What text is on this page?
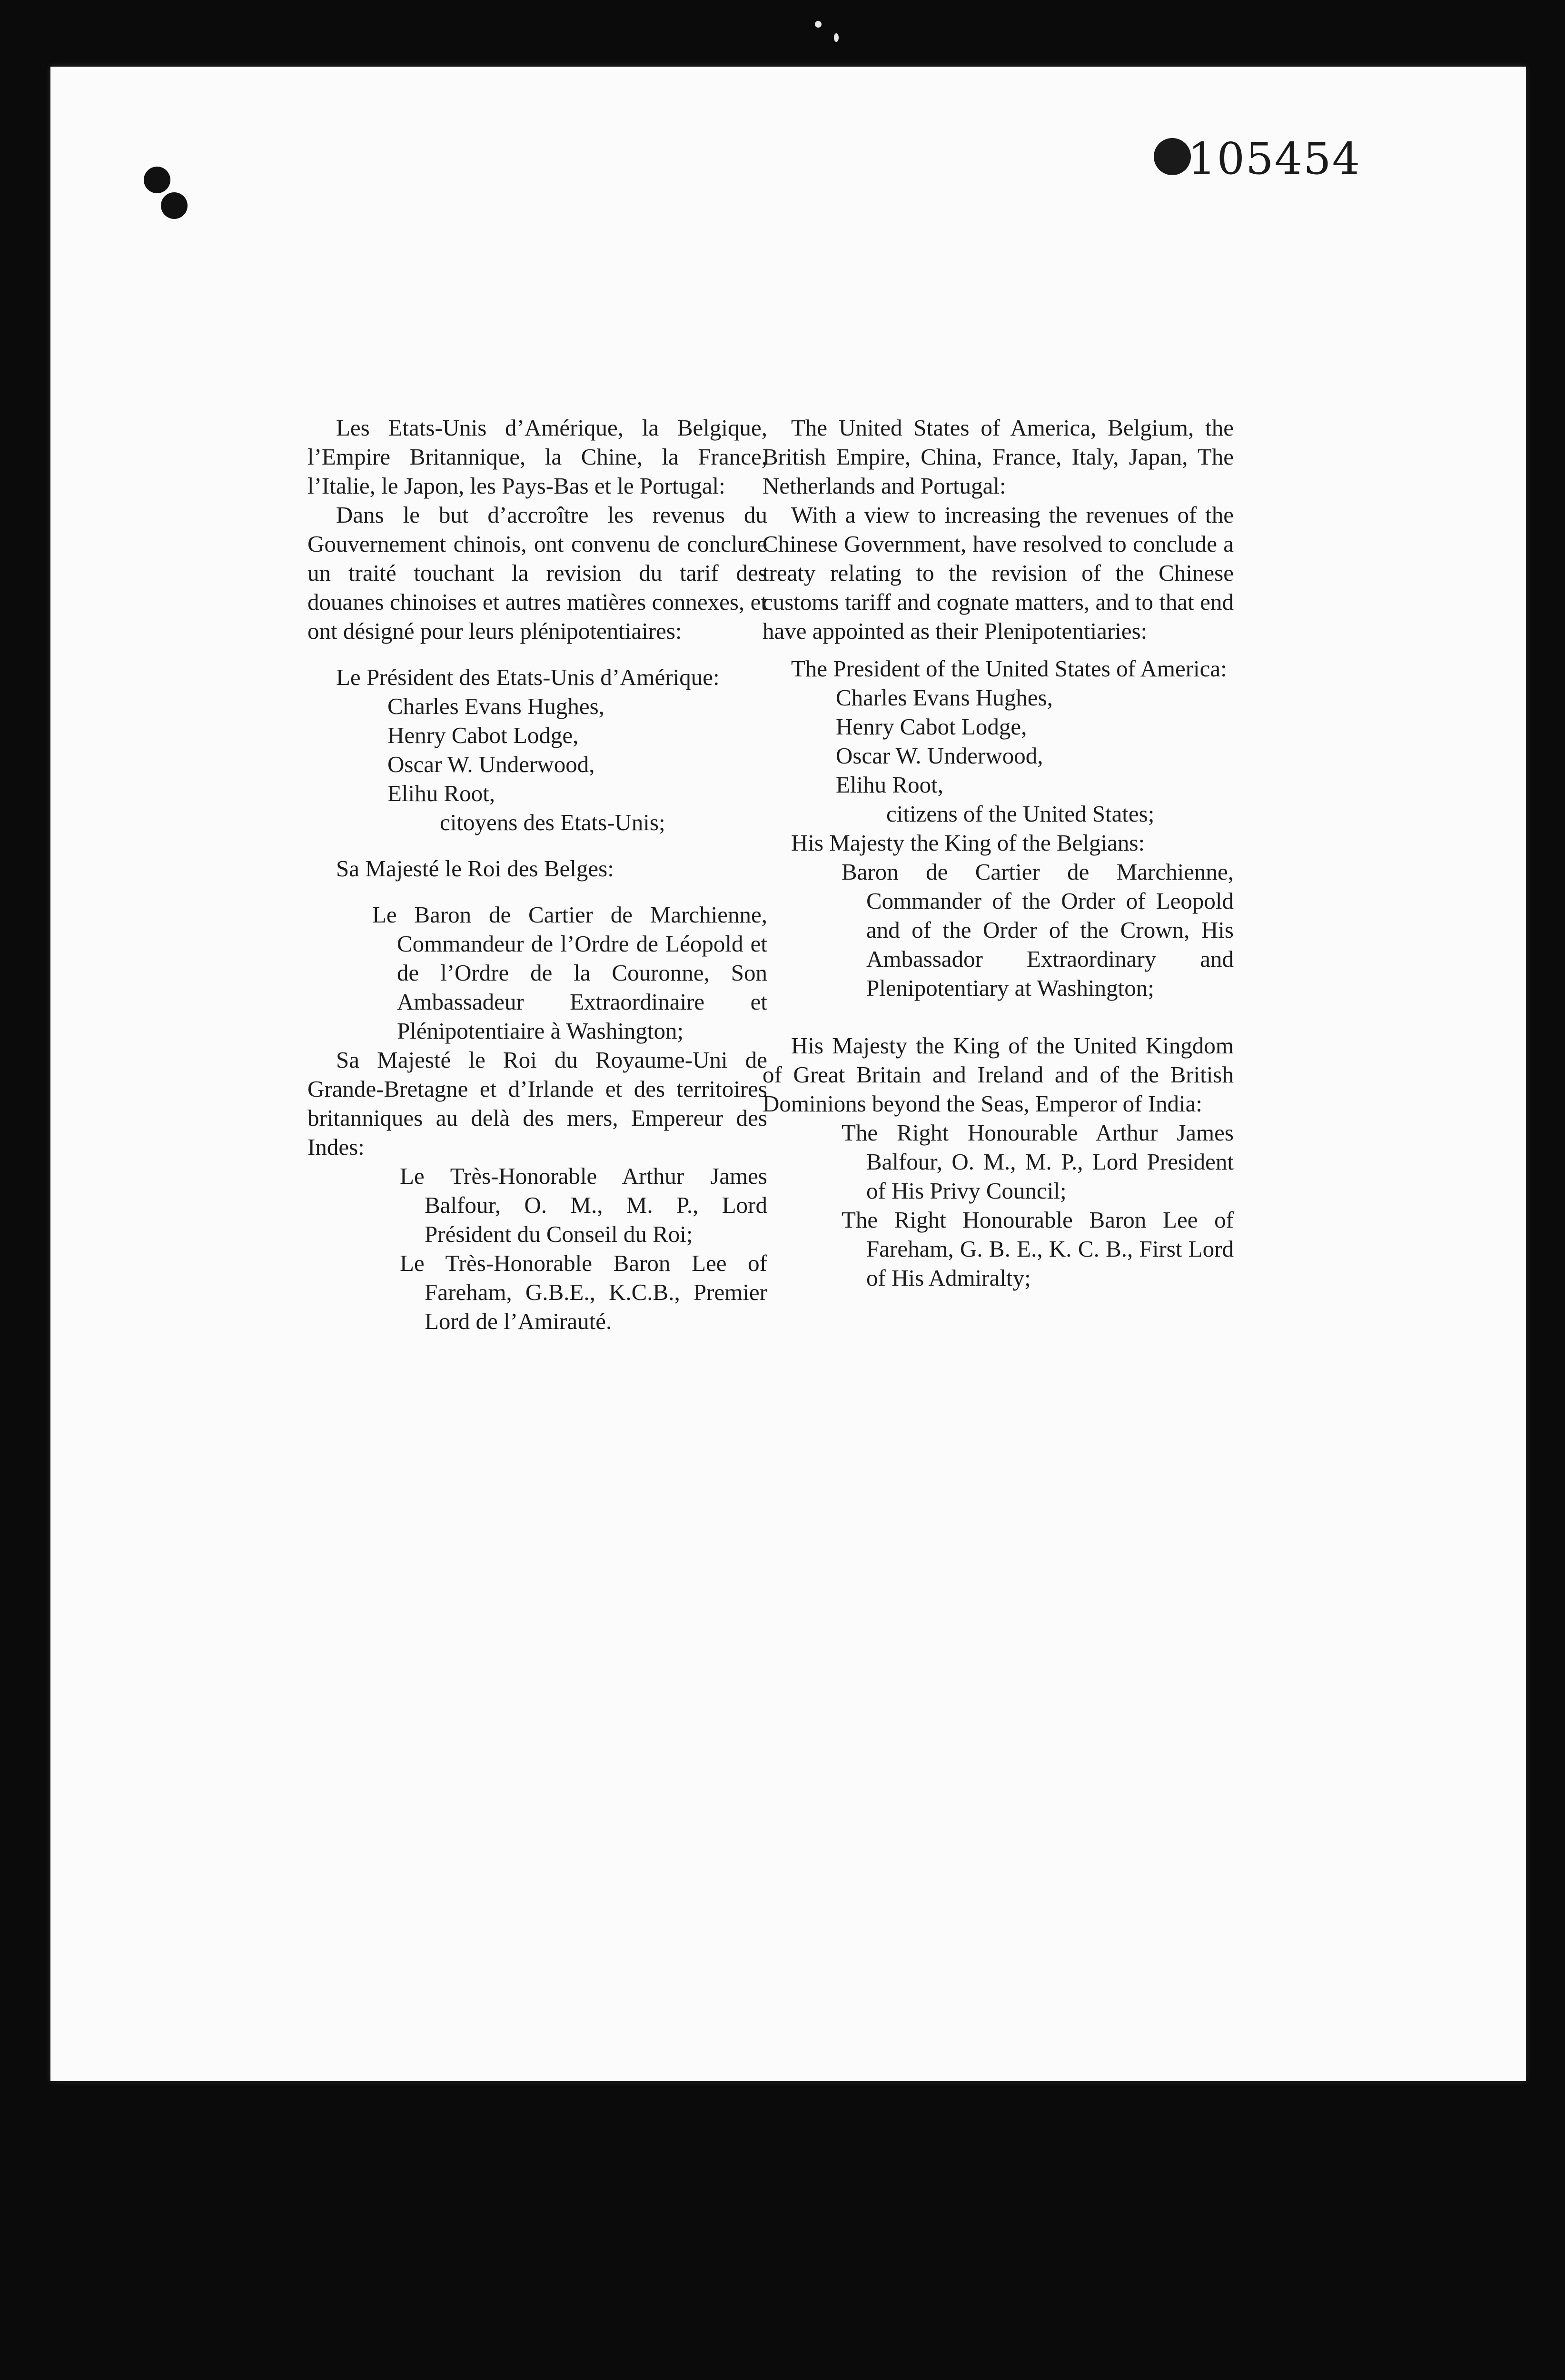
105454

Les Etats-Unis d’Amérique, la Belgique, l’Empire Britannique, la Chine, la France, l’Italie, le Japon, les Pays-Bas et le Portugal:

Dans le but d’accroître les revenus du Gouvernement chinois, ont convenu de conclure un traité touchant la revision du tarif des douanes chinoises et autres matières connexes, et ont désigné pour leurs plénipotentiaires:

Le Président des Etats-Unis d’Amérique:

Charles Evans Hughes,
Henry Cabot Lodge,
Oscar W. Underwood,
Elihu Root,
citoyens des Etats-Unis;

Sa Majesté le Roi des Belges:

Le Baron de Cartier de Marchienne, Commandeur de l’Ordre de Léopold et de l’Ordre de la Couronne, Son Ambassadeur Extraordinaire et Plénipotentiaire à Washington;

Sa Majesté le Roi du Royaume-Uni de Grande-Bretagne et d’Irlande et des territoires britanniques au delà des mers, Empereur des Indes:

Le Très-Honorable Arthur James Balfour, O. M., M. P., Lord Président du Conseil du Roi;

Le Très-Honorable Baron Lee of Fareham, G.B.E., K.C.B., Premier Lord de l’Amirauté.

The United States of America, Belgium, the British Empire, China, France, Italy, Japan, The Netherlands and Portugal:

With a view to increasing the revenues of the Chinese Government, have resolved to conclude a treaty relating to the revision of the Chinese customs tariff and cognate matters, and to that end have appointed as their Plenipotentiaries:

The President of the United States of America:

Charles Evans Hughes,
Henry Cabot Lodge,
Oscar W. Underwood,
Elihu Root,
citizens of the United States;

His Majesty the King of the Belgians:

Baron de Cartier de Marchienne, Commander of the Order of Leopold and of the Order of the Crown, His Ambassador Extraordinary and Plenipotentiary at Washington;

His Majesty the King of the United Kingdom of Great Britain and Ireland and of the British Dominions beyond the Seas, Emperor of India:

The Right Honourable Arthur James Balfour, O. M., M. P., Lord President of His Privy Council;

The Right Honourable Baron Lee of Fareham, G. B. E., K. C. B., First Lord of His Admiralty;
